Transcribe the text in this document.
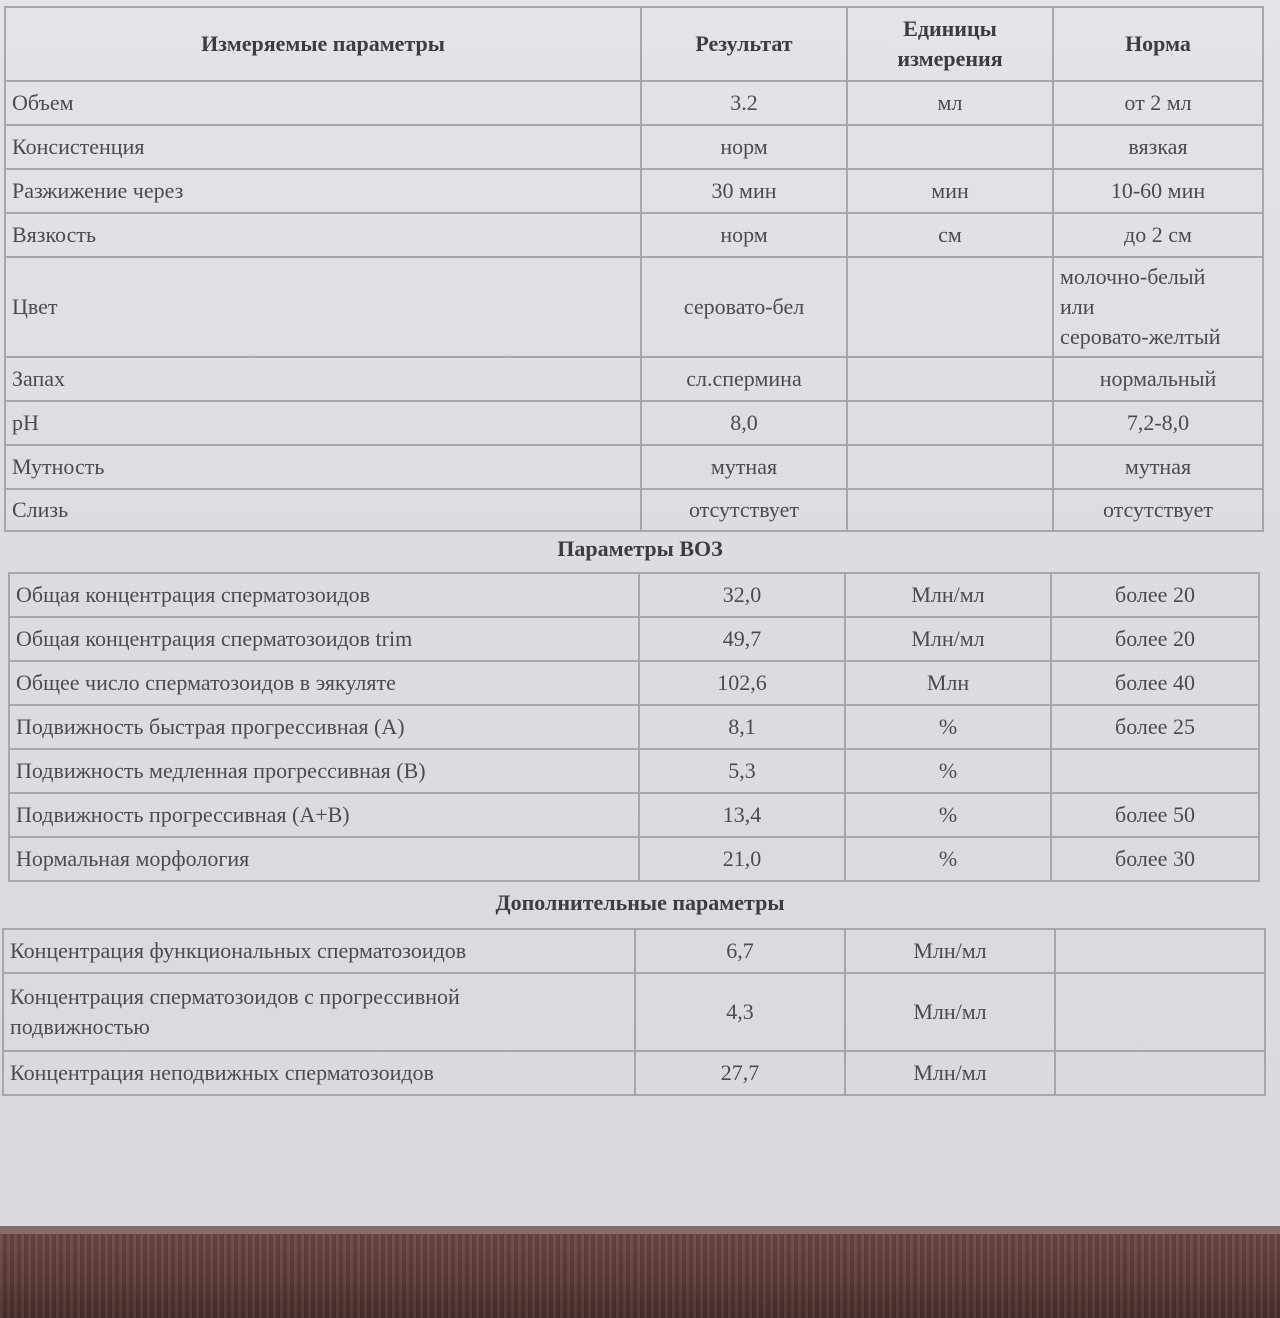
Измеряемые параметры	Результат	Единицы
измерения	Норма
Объем	3.2	мл	от 2 мл
Консистенция	норм		вязкая
Разжижение через	30 мин	мин	10-60 мин
Вязкость	норм	см	до 2 см
Цвет	серовато-бел		молочно-белый
или
серовато-желтый

Запах	сл.спермина		нормальный
pH	8,0		7,2-8,0
Мутность	мутная		мутная
Слизь	отсутствует		отсутствует
Параметры ВОЗ
Общая концентрация сперматозоидов	32,0	Млн/мл	более 20
Общая концентрация сперматозоидов trim	49,7	Млн/мл	более 20
Общее число сперматозоидов в эякуляте	102,6	Млн	более 40
Подвижность быстрая прогрессивная (А)	8,1	%	более 25
Подвижность медленная прогрессивная (В)	5,3	%	
Подвижность прогрессивная (А+В)	13,4	%	более 50
Нормальная морфология	21,0	%	более 30
Дополнительные параметры
Концентрация функциональных сперматозоидов	6,7	Млн/мл	

Концентрация сперматозоидов с прогрессивной
подвижностью	4,3	Млн/мл	
Концентрация неподвижных сперматозоидов	27,7	Млн/мл	
